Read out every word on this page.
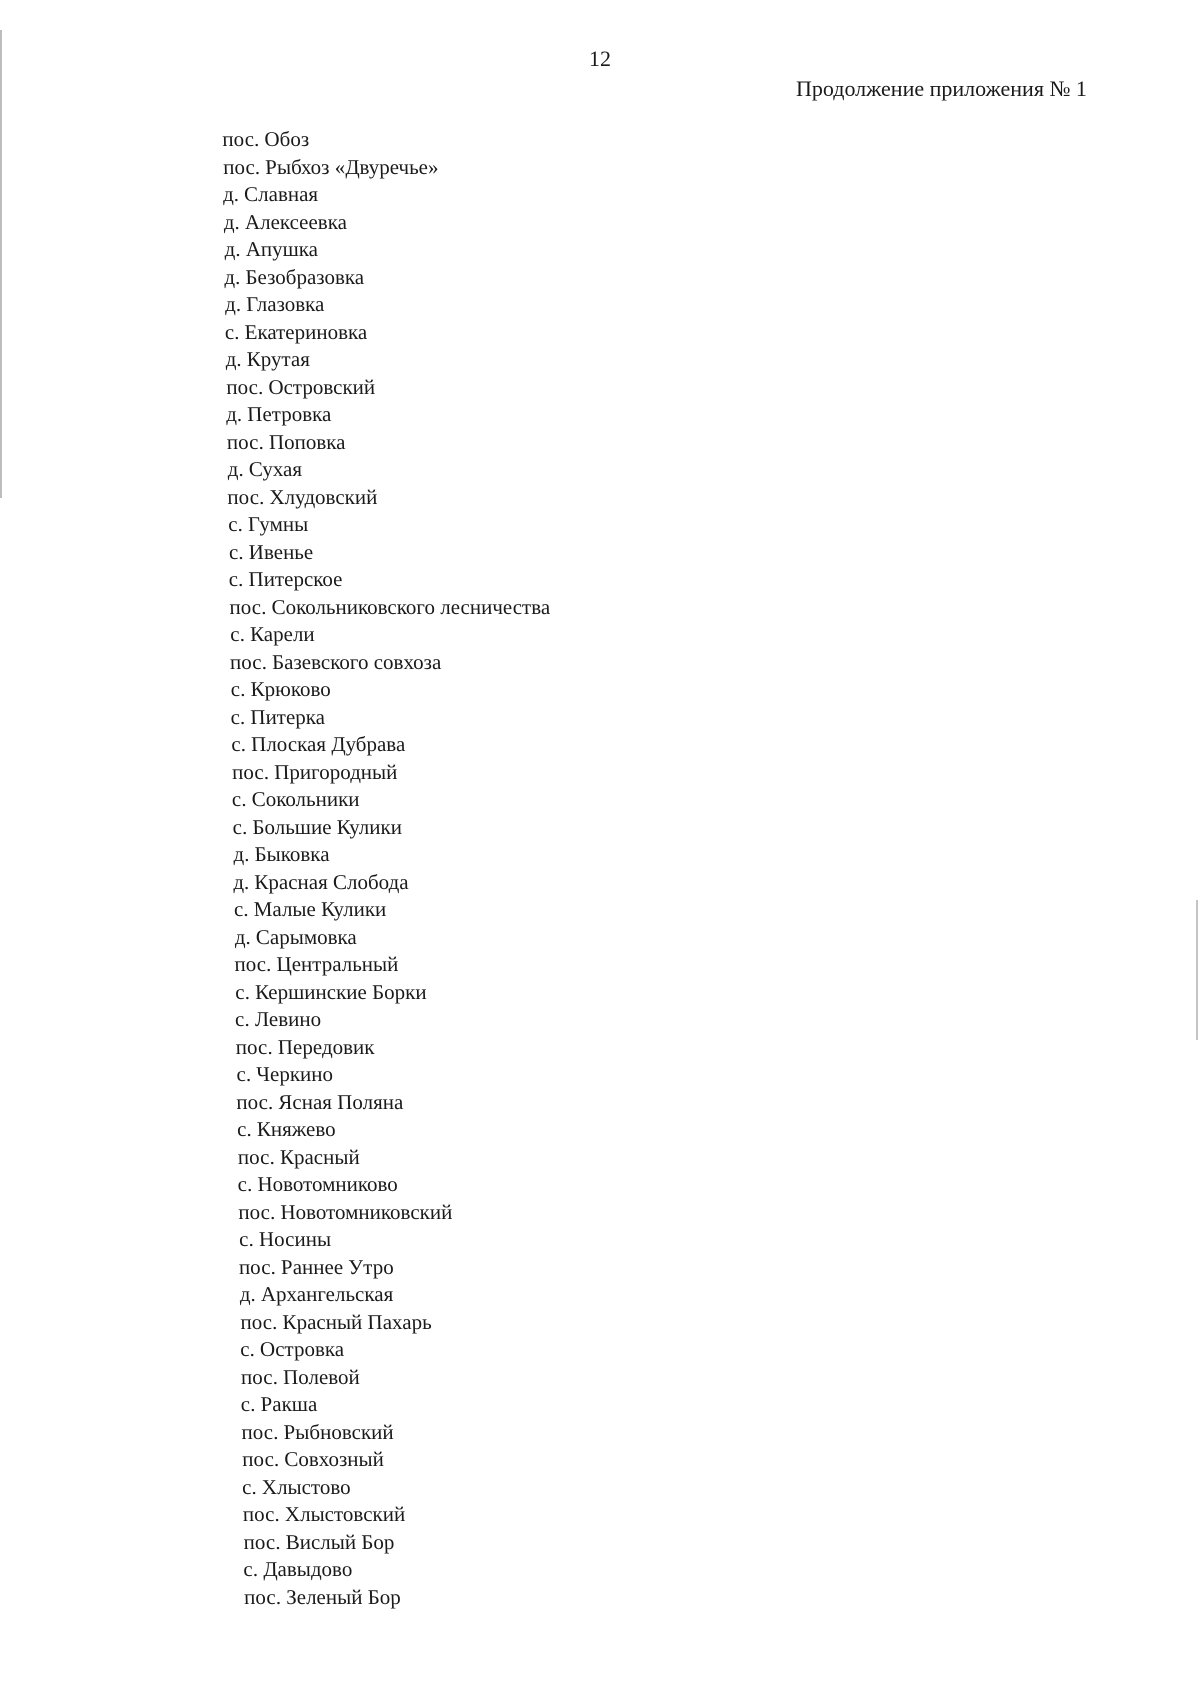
12
Продолжение приложения № 1
пос. Обоз
пос. Рыбхоз «Двуречье»
д. Славная
д. Алексеевка
д. Апушка
д. Безобразовка
д. Глазовка
с. Екатериновка
д. Крутая
пос. Островский
д. Петровка
пос. Поповка
д. Сухая
пос. Хлудовский
с. Гумны
с. Ивенье
с. Питерское
пос. Сокольниковского лесничества
с. Карели
пос. Базевского совхоза
с. Крюково
с. Питерка
с. Плоская Дубрава
пос. Пригородный
с. Сокольники
с. Большие Кулики
д. Быковка
д. Красная Слобода
с. Малые Кулики
д. Сарымовка
пос. Центральный
с. Кершинские Борки
с. Левино
пос. Передовик
с. Черкино
пос. Ясная Поляна
с. Княжево
пос. Красный
с. Новотомниково
пос. Новотомниковский
с. Носины
пос. Раннее Утро
д. Архангельская
пос. Красный Пахарь
с. Островка
пос. Полевой
с. Ракша
пос. Рыбновский
пос. Совхозный
с. Хлыстово
пос. Хлыстовский
пос. Вислый Бор
с. Давыдово
пос. Зеленый Бор
